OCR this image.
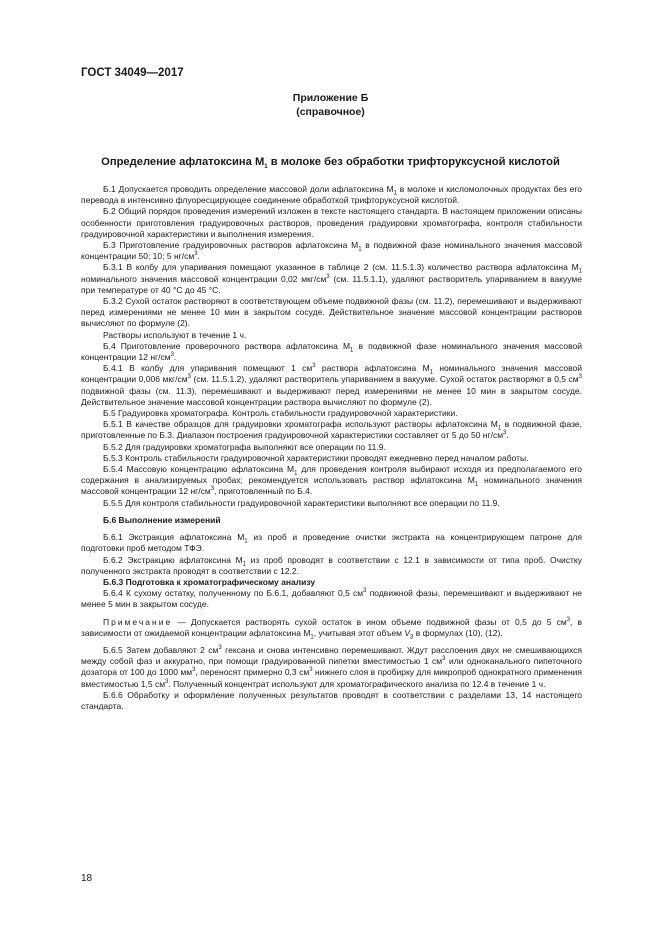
ГОСТ 34049—2017
Приложение Б
(справочное)
Определение афлатоксина $М_1$ в молоке без обработки трифторуксусной кислотой

Б.1 Допускается проводить определение массовой доли афлатоксина $М_1$ в молоке и кисломолочных продуктах без его перевода в интенсивно флуоресцирующее соединение обработкой трифторуксусной кислотой.

Б.2 Общий порядок проведения измерений изложен в тексте настоящего стандарта. В настоящем приложении описаны особенности приготовления градуировочных растворов, проведения градуировки хроматографа, контроля стабильности градуировочной характеристики и выполнения измерения.

Б.3 Приготовление градуировочных растворов афлатоксина $М_1$ в подвижной фазе номинального значения массовой концентрации 50; 10; 5 $нг/см^3$.

Б.3.1 В колбу для упаривания помещают указанное в таблице 2 (см. 11.5.1.3) количество раствора афлатоксина $М_1$ номинального значения массовой концентрации 0,02 мкг/$см^3$ (см. 11.5.1.1), удаляют растворитель упариванием в вакууме при температуре от 40 °С до 45 °С.

Б.3.2 Сухой остаток растворяют в соответствующем объеме подвижной фазы (см. 11.2), перемешивают и выдерживают перед измерениями не менее 10 мин в закрытом сосуде. Действительное значение массовой концентрации растворов вычисляют по формуле (2).

Растворы используют в течение 1 ч.

Б.4 Приготовление проверочного раствора афлатоксина $М_1$ в подвижной фазе номинального значения массовой концентрации 12 $нг/см^3$.

Б.4.1 В колбу для упаривания помещают 1 $см^3$ раствора афлатоксина $М_1$ номинального значения массовой концентрации 0,006 мкг/$см^3$ (см. 11.5.1.2), удаляют растворитель упариванием в вакууме. Сухой остаток растворяют в 0,5 $см^3$ подвижной фазы (см. 11.3), перемешивают и выдерживают перед измерениями не менее 10 мин в закрытом сосуде. Действительное значение массовой концентрации раствора вычисляют по формуле (2).

Б.5 Градуировка хроматографа. Контроль стабильности градуировочной характеристики.

Б.5.1 В качестве образцов для градуировки хроматографа используют растворы афлатоксина $М_1$ в подвижной фазе, приготовленные по Б.3. Диапазон построения градуировочной характеристики составляет от 5 до 50 $нг/см^3$.

Б.5.2 Для градуировки хроматографа выполняют все операции по 11.9.

Б.5.3 Контроль стабильности градуировочной характеристики проводят ежедневно перед началом работы.

Б.5.4 Массовую концентрацию афлатоксина $М_1$ для проведения контроля выбирают исходя из предполагаемого его содержания в анализируемых пробах; рекомендуется использовать раствор афлатоксина $М_1$ номинального значения массовой концентрации 12 $нг/см^3$, приготовленный по Б.4.

Б.5.5 Для контроля стабильности градуировочной характеристики выполняют все операции по 11.9.

Б.6 Выполнение измерений

Б.6.1 Экстракция афлатоксина $М_1$ из проб и проведение очистки экстракта на концентрирующем патроне для подготовки проб методом ТФЭ.

Б.6.2 Экстракцию афлатоксина $М_1$ из проб проводят в соответствии с 12.1 в зависимости от типа проб. Очистку полученного экстракта проводят в соответствии с 12.2.

Б.6.3 Подготовка к хроматографическому анализу

Б.6.4 К сухому остатку, полученному по Б.6.1, добавляют 0,5 $см^3$ подвижной фазы, перемешивают и выдерживают не менее 5 мин в закрытом сосуде.

Примечание — Допускается растворять сухой остаток в ином объеме подвижной фазы от 0,5 до 5 $см^3$, в зависимости от ожидаемой концентрации афлатоксина $М_1$, учитывая этот объем $V_3$ в формулах (10), (12).

Б.6.5 Затем добавляют 2 $см^3$ гексана и снова интенсивно перемешивают. Ждут расслоения двух не смешивающихся между собой фаз и аккуратно, при помощи градуированной пипетки вместимостью 1 $см^3$ или одноканального пипеточного дозатора от 100 до 1000 $мм^3$, переносят примерно 0,3 $см^3$ нижнего слоя в пробирку для микропроб однократного применения вместимостью 1,5 $см^3$. Полученный концентрат используют для хроматографического анализа по 12.4 в течение 1 ч.

Б.6.6 Обработку и оформление полученных результатов проводят в соответствии с разделами 13, 14 настоящего стандарта.

18
